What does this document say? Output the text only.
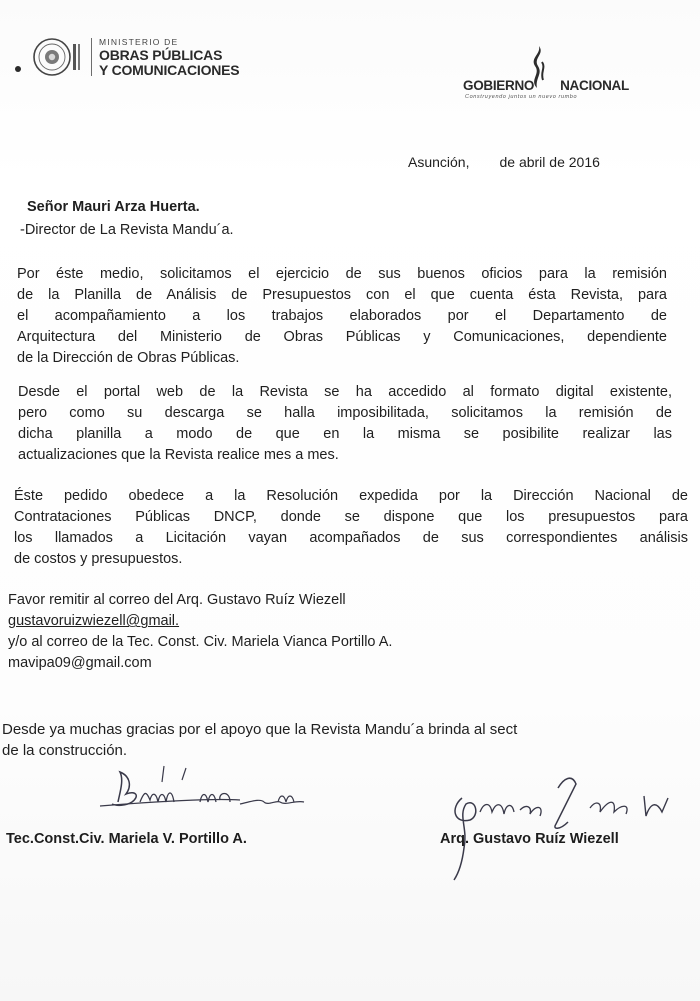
MINISTERIO DE
OBRAS PÚBLICAS
Y COMUNICACIONES
GOBIERNO NACIONAL
Construyendo juntos un nuevo rumbo
Asunción, de abril de 2016
Señor Mauri Arza Huerta.
-Director de La Revista Mandu´a.
Por éste medio, solicitamos el ejercicio de sus buenos oficios para la remisión
de la Planilla de Análisis de Presupuestos con el que cuenta ésta Revista, para
el acompañamiento a los trabajos elaborados por el Departamento de
Arquitectura del Ministerio de Obras Públicas y Comunicaciones, dependiente
de la Dirección de Obras Públicas.
Desde el portal web de la Revista se ha accedido al formato digital existente,
pero como su descarga se halla imposibilitada, solicitamos la remisión de
dicha planilla a modo de que en la misma se posibilite realizar las
actualizaciones que la Revista realice mes a mes.
Éste pedido obedece a la Resolución expedida por la Dirección Nacional de
Contrataciones Públicas DNCP, donde se dispone que los presupuestos para
los llamados a Licitación vayan acompañados de sus correspondientes análisis
de costos y presupuestos.
Favor remitir al correo del Arq. Gustavo Ruíz Wiezell
gustavoruizwiezell@gmail.
y/o al correo de la Tec. Const. Civ. Mariela Vianca Portillo A.
mavipa09@gmail.com
Desde ya muchas gracias por el apoyo que la Revista Mandu´a brinda al sect
de la construcción.
Tec.Const.Civ. Mariela V. Portillo A.	Arq. Gustavo Ruíz Wiezell
